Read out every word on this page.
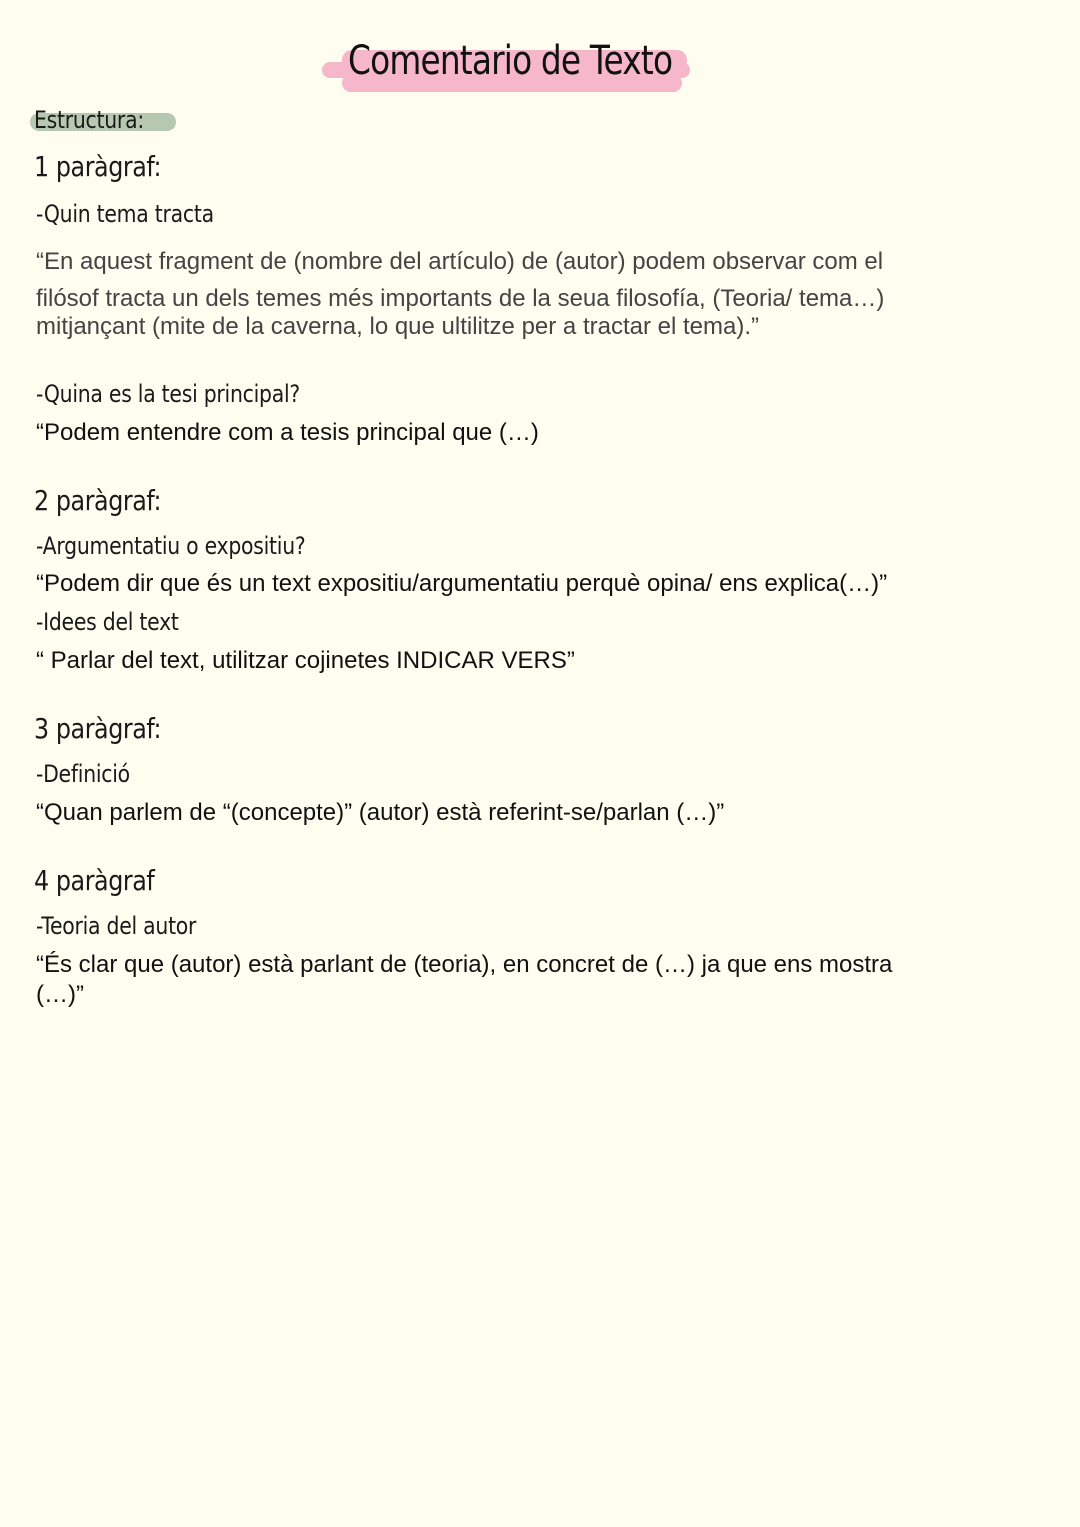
Comentario de Texto
Estructura:
1 paràgraf:
-Quin tema tracta
“En aquest fragment de (nombre del artículo) de (autor) podem observar com el
filósof tracta un dels temes més importants de la seua filosofía, (Teoria/ tema…)
mitjançant (mite de la caverna, lo que ultilitze per a tractar el tema).”
-Quina es la tesi principal?
“Podem entendre com a tesis principal que (…)
2 paràgraf:
-Argumentatiu o expositiu?
“Podem dir que és un text expositiu/argumentatiu perquè opina/ ens explica(…)”
-Idees del text
“ Parlar del text, utilitzar cojinetes INDICAR VERS”
3 paràgraf:
-Definició
“Quan parlem de “(concepte)” (autor) està referint-se/parlan (…)”
4 paràgraf
-Teoria del autor
“És clar que (autor) està parlant de (teoria), en concret de (…) ja que ens mostra
(…)”
